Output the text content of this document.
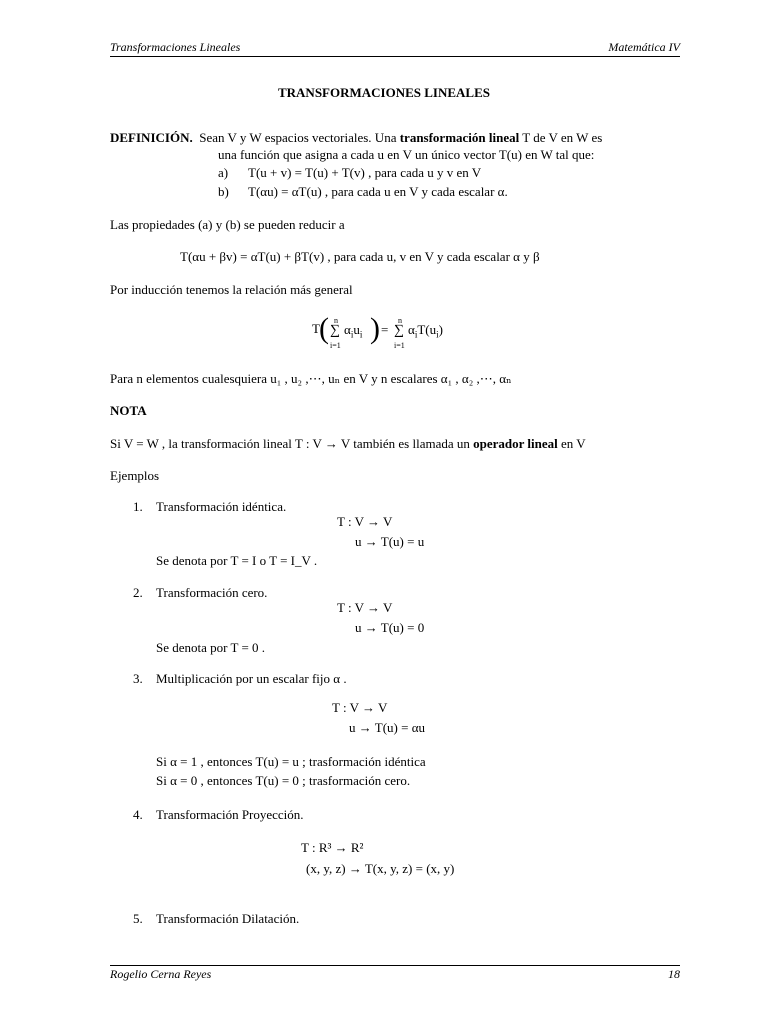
Transformaciones Lineales	Matemática IV
TRANSFORMACIONES LINEALES
DEFINICIÓN. Sean V y W espacios vectoriales. Una transformación lineal T de V en W es
una función que asigna a cada u en V un único vector T(u) en W tal que:
a) T(u + v) = T(u) + T(v) , para cada u y v en V
b) T(αu) = αT(u) , para cada u en V y cada escalar α.
Las propiedades (a) y (b) se pueden reducir a
T(αu + βv) = αT(u) + βT(v) , para cada u, v en V y cada escalar α y β
Por inducción tenemos la relación más general
T ( n
∑
i=1
$\alpha_iu_i$ ) =
n
∑
i=1
$\alpha_iT(u_i)$
Para n elementos cualesquiera u₁ , u₂ ,⋯, uₙ en V y n escalares α₁ , α₂ ,⋯, αₙ
NOTA
Si V = W , la transformación lineal T : V → V también es llamada un operador lineal en V
Ejemplos
1. Transformación idéntica.
T : V → V
u → T(u) = u
Se denota por T = I o T = I_V .
2. Transformación cero.
T : V → V
u → T(u) = 0
Se denota por T = 0 .
3. Multiplicación por un escalar fijo α .
T : V → V
u → T(u) = αu
Si α = 1 , entonces T(u) = u ; trasformación idéntica
Si α = 0 , entonces T(u) = 0 ; trasformación cero.
4. Transformación Proyección.
T : R³ → R²
(x, y, z) → T(x, y, z) = (x, y)
5. Transformación Dilatación.
Rogelio Cerna Reyes	18
